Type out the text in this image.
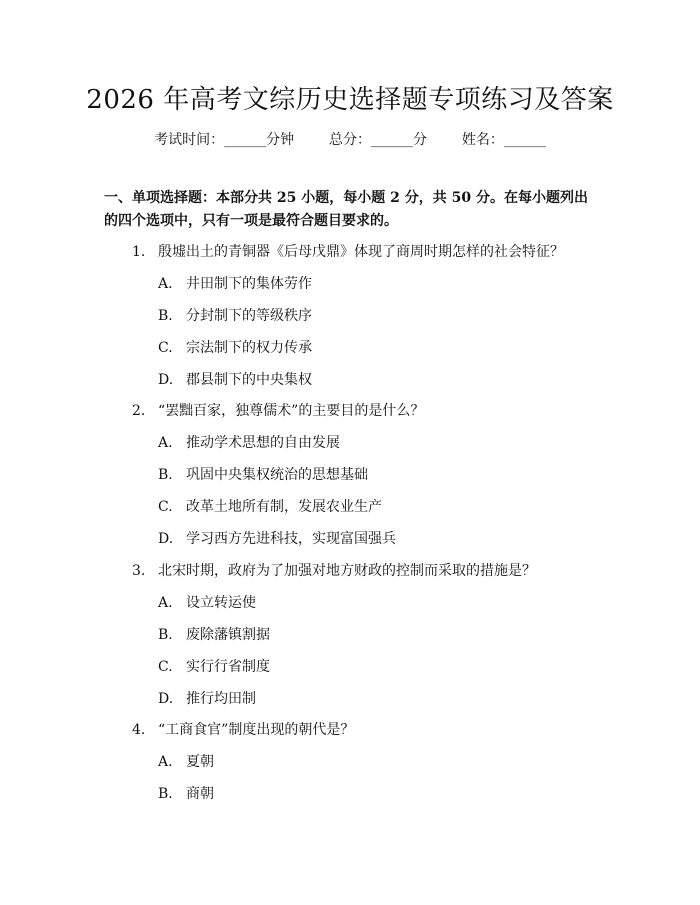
2026 年高考文综历史选择题专项练习及答案
考试时间：______分钟 总分：______分 姓名：______
一、单项选择题：本部分共 25 小题，每小题 2 分，共 50 分。在每小题列出的四个选项中，只有一项是最符合题目要求的。
1. 殷墟出土的青铜器《后母戊鼎》体现了商周时期怎样的社会特征？
A. 井田制下的集体劳作
B. 分封制下的等级秩序
C. 宗法制下的权力传承
D. 郡县制下的中央集权
2. “罢黜百家，独尊儒术”的主要目的是什么？
A. 推动学术思想的自由发展
B. 巩固中央集权统治的思想基础
C. 改革土地所有制，发展农业生产
D. 学习西方先进科技，实现富国强兵
3. 北宋时期，政府为了加强对地方财政的控制而采取的措施是？
A. 设立转运使
B. 废除藩镇割据
C. 实行行省制度
D. 推行均田制
4. “工商食官”制度出现的朝代是？
A. 夏朝
B. 商朝
